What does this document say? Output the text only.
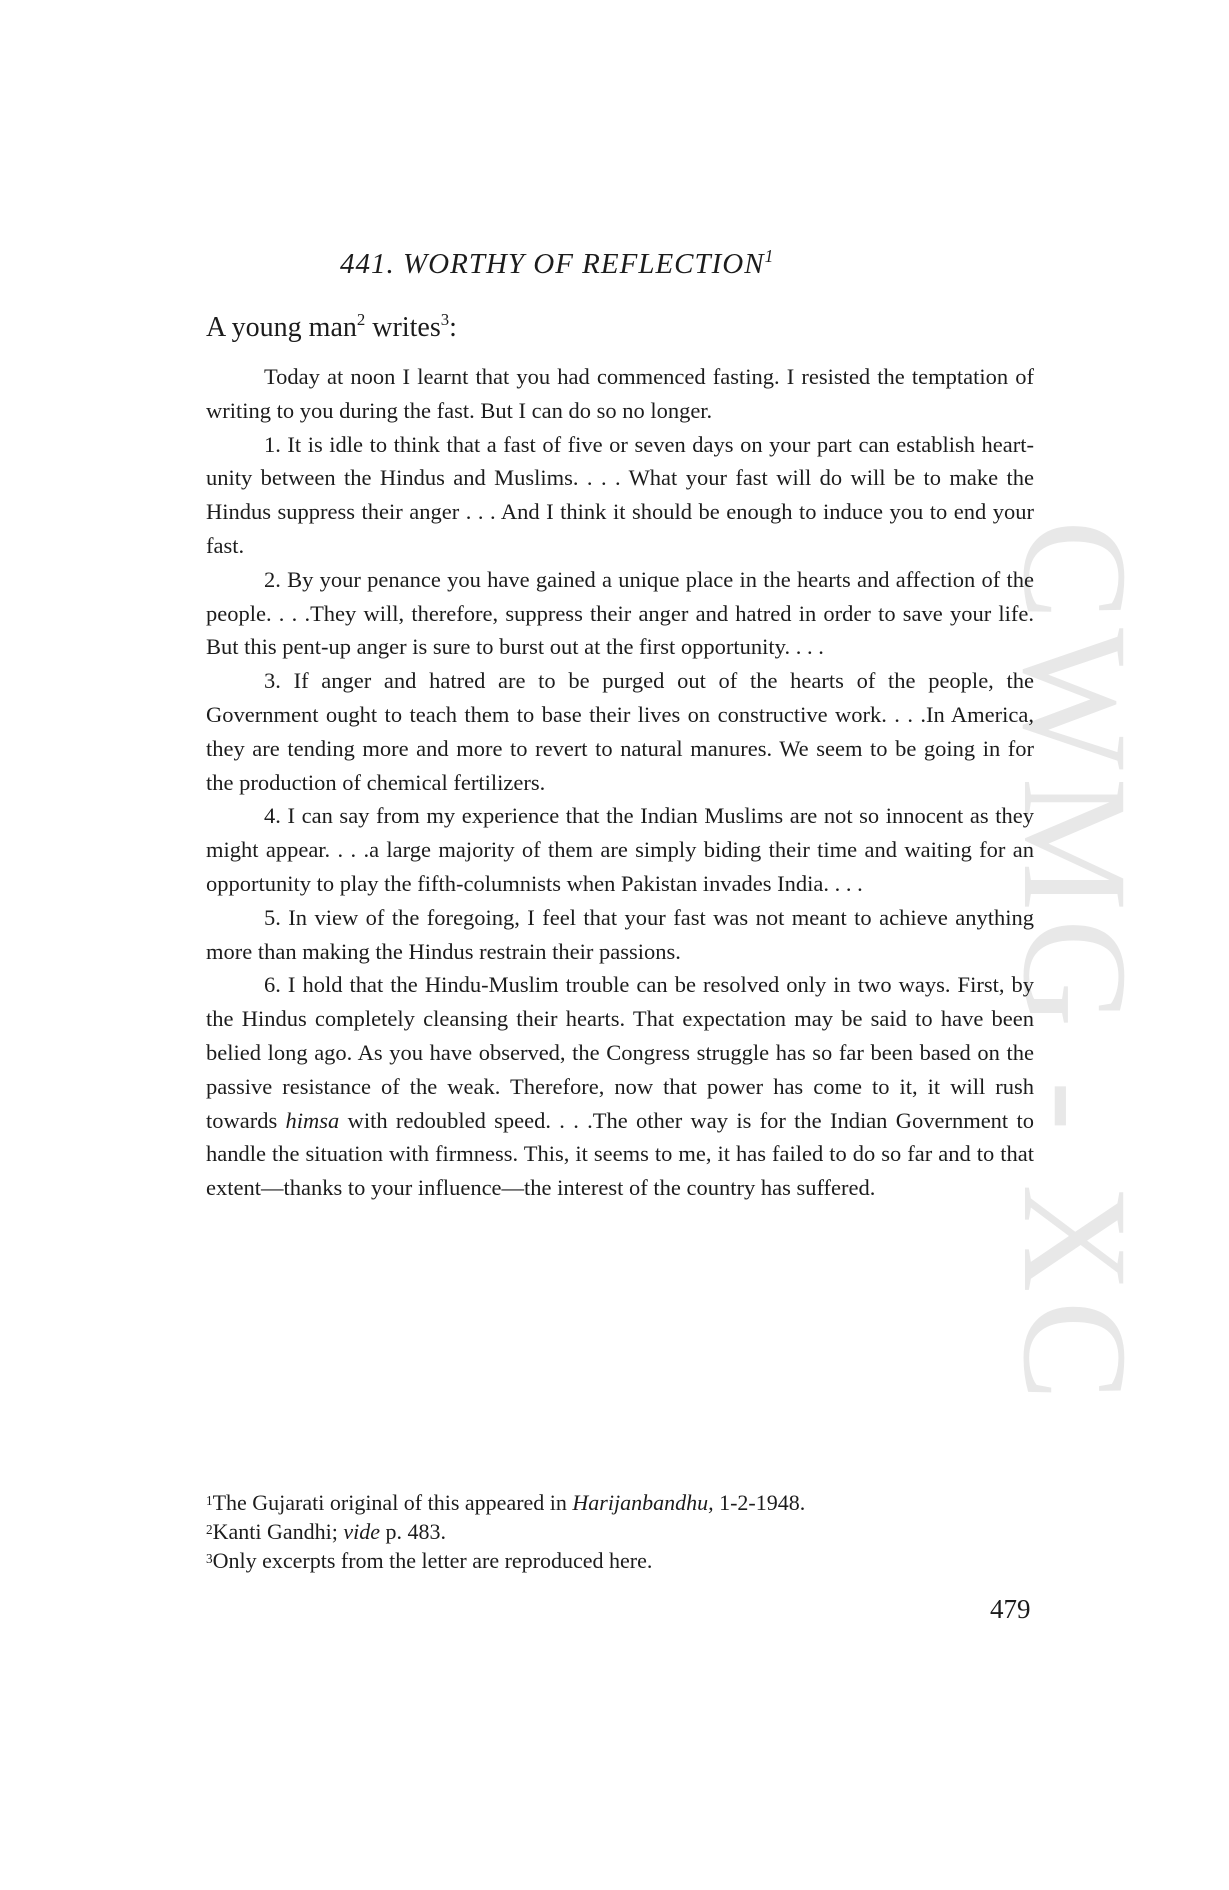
CWMG - XC
441. WORTHY OF REFLECTION$^1$
A young man$^2$ writes$^3$:

Today at noon I learnt that you had commenced fasting. I resisted the temptation of writing to you during the fast. But I can do so no longer.

1. It is idle to think that a fast of five or seven days on your part can establish heart-unity between the Hindus and Muslims. . . . What your fast will do will be to make the Hindus suppress their anger . . . And I think it should be enough to induce you to end your fast.

2. By your penance you have gained a unique place in the hearts and affection of the people. . . .They will, therefore, suppress their anger and hatred in order to save your life. But this pent-up anger is sure to burst out at the first opportunity. . . .

3. If anger and hatred are to be purged out of the hearts of the people, the Government ought to teach them to base their lives on constructive work. . . .In America, they are tending more and more to revert to natural manures. We seem to be going in for the production of chemical fertilizers.

4. I can say from my experience that the Indian Muslims are not so innocent as they might appear. . . .a large majority of them are simply biding their time and waiting for an opportunity to play the fifth-columnists when Pakistan invades India. . . .

5. In view of the foregoing, I feel that your fast was not meant to achieve anything more than making the Hindus restrain their passions.

6. I hold that the Hindu-Muslim trouble can be resolved only in two ways. First, by the Hindus completely cleansing their hearts. That expectation may be said to have been belied long ago. As you have observed, the Congress struggle has so far been based on the passive resistance of the weak. Therefore, now that power has come to it, it will rush towards himsa with redoubled speed. . . .The other way is for the Indian Government to handle the situation with firmness. This, it seems to me, it has failed to do so far and to that extent—thanks to your influence—the interest of the country has suffered.

$^1$The Gujarati original of this appeared in Harijanbandhu, 1-2-1948.
$^2$Kanti Gandhi; vide p. 483.
$^3$Only excerpts from the letter are reproduced here.
479
